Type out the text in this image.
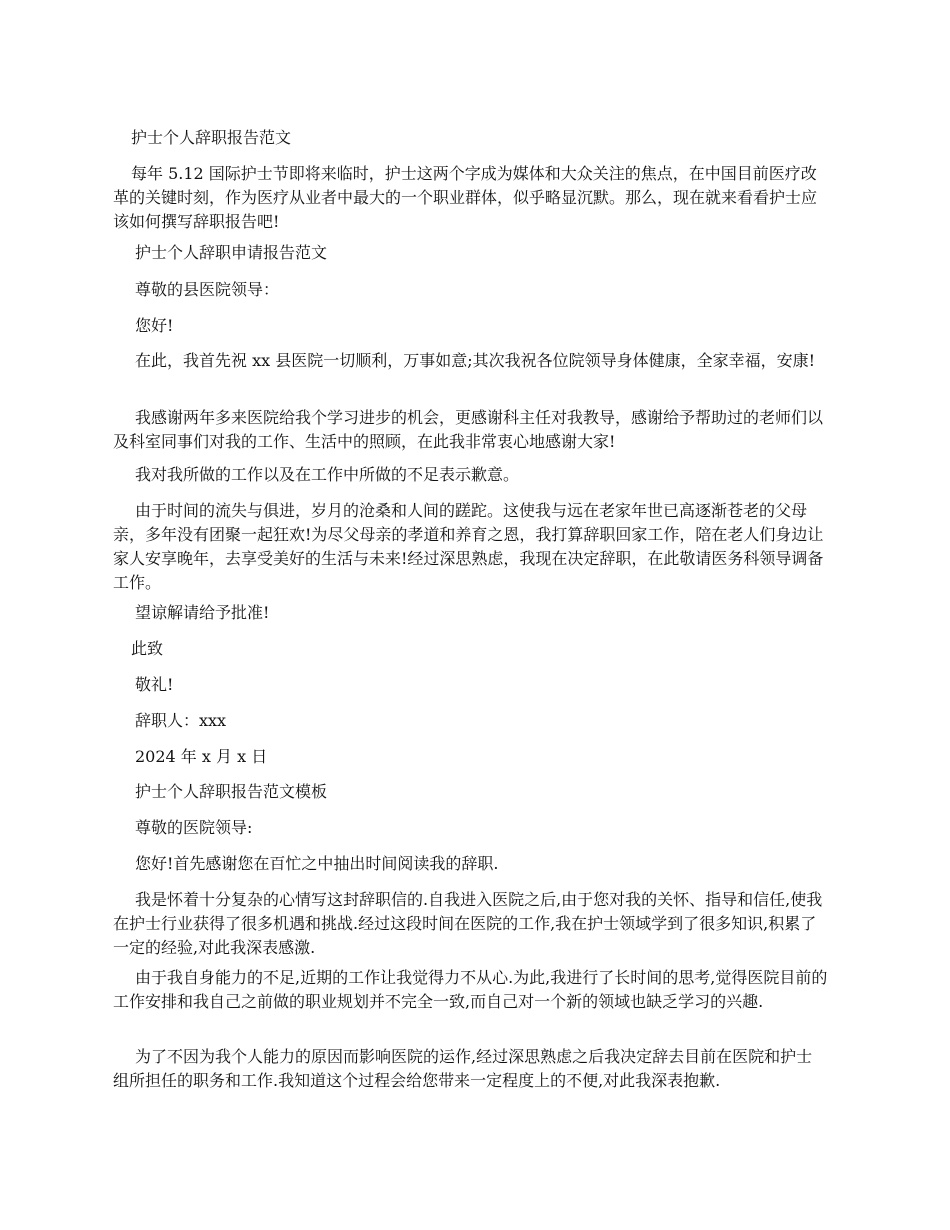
护士个人辞职报告范文

每年 5.12 国际护士节即将来临时，护士这两个字成为媒体和大众关注的焦点，在中国目前医疗改革的关键时刻，作为医疗从业者中最大的一个职业群体，似乎略显沉默。那么，现在就来看看护士应该如何撰写辞职报告吧!

护士个人辞职申请报告范文

尊敬的县医院领导：

您好!

在此，我首先祝 xx 县医院一切顺利，万事如意;其次我祝各位院领导身体健康，全家幸福，安康!

我感谢两年多来医院给我个学习进步的机会，更感谢科主任对我教导，感谢给予帮助过的老师们以及科室同事们对我的工作、生活中的照顾，在此我非常衷心地感谢大家!

我对我所做的工作以及在工作中所做的不足表示歉意。

由于时间的流失与俱进，岁月的沧桑和人间的蹉跎。这使我与远在老家年世已高逐渐苍老的父母亲，多年没有团聚一起狂欢!为尽父母亲的孝道和养育之恩，我打算辞职回家工作，陪在老人们身边让家人安享晚年，去享受美好的生活与未来!经过深思熟虑，我现在决定辞职，在此敬请医务科领导调备工作。

望谅解请给予批准!

此致

敬礼!

辞职人：xxx

2024 年 x 月 x 日

护士个人辞职报告范文模板

尊敬的医院领导:

您好!首先感谢您在百忙之中抽出时间阅读我的辞职.

我是怀着十分复杂的心情写这封辞职信的.自我进入医院之后,由于您对我的关怀、指导和信任,使我在护士行业获得了很多机遇和挑战.经过这段时间在医院的工作,我在护士领域学到了很多知识,积累了一定的经验,对此我深表感激.

由于我自身能力的不足,近期的工作让我觉得力不从心.为此,我进行了长时间的思考,觉得医院目前的工作安排和我自己之前做的职业规划并不完全一致,而自己对一个新的领域也缺乏学习的兴趣.

为了不因为我个人能力的原因而影响医院的运作,经过深思熟虑之后我决定辞去目前在医院和护士组所担任的职务和工作.我知道这个过程会给您带来一定程度上的不便,对此我深表抱歉.
